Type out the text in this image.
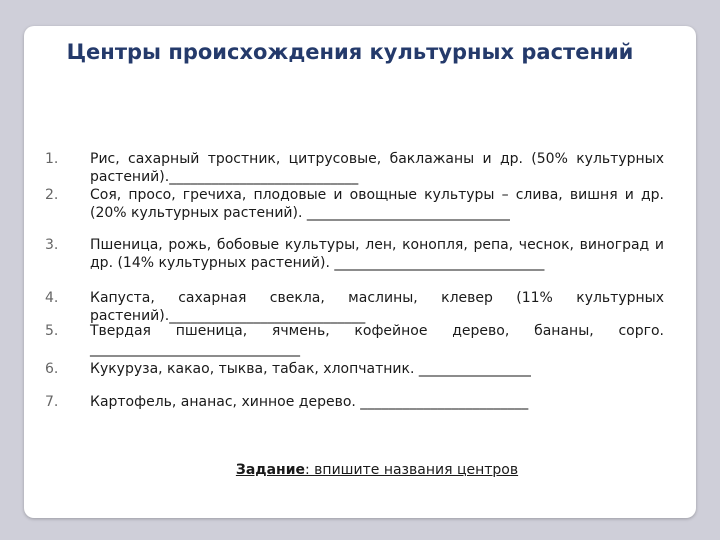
Центры происхождения культурных растений
1.	Рис, сахарный тростник, цитрусовые, баклажаны и др. (50% культурных растений).___________________________
2.	Соя, просо, гречиха, плодовые и овощные культуры – слива, вишня и др. (20% культурных растений). _____________________________
3.	Пшеница, рожь, бобовые культуры, лен, конопля, репа, чеснок, виноград и др. (14% культурных растений). ______________________________
4.	Капуста, сахарная свекла, маслины, клевер (11% культурных растений).____________________________
5.	Твердая пшеница, ячмень, кофейное дерево, бананы, сорго. ______________________________
6.	Кукуруза, какао, тыква, табак, хлопчатник. ________________
7.	Картофель, ананас, хинное дерево. ________________________
Задание: впишите названия центров
